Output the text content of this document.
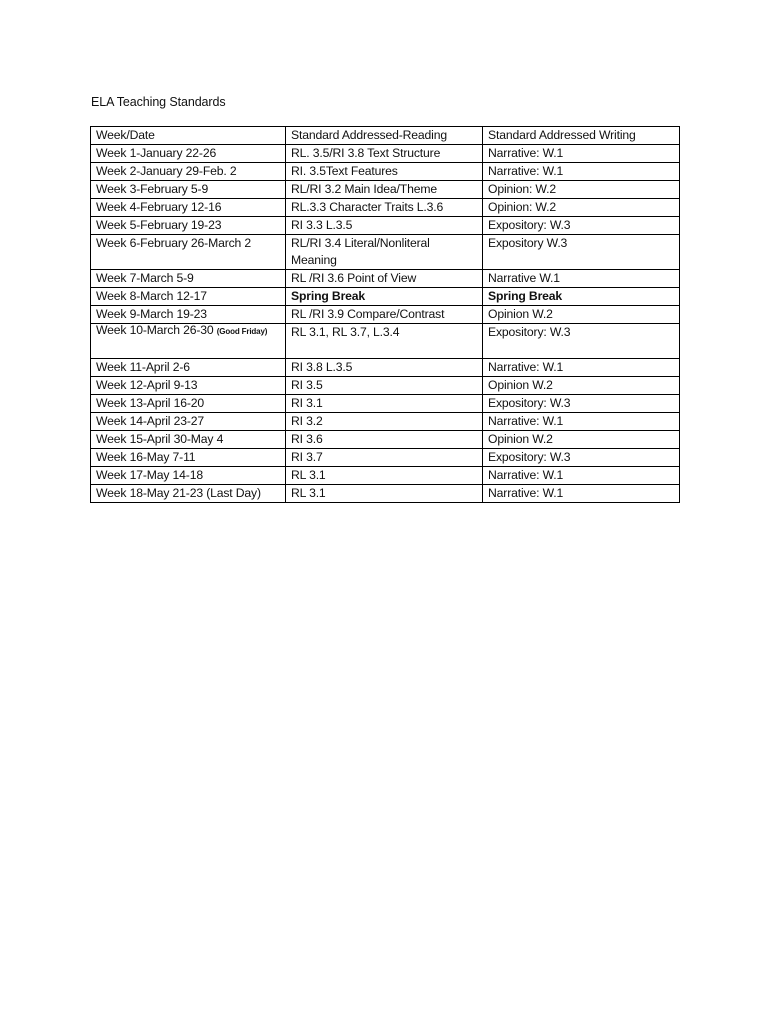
ELA Teaching Standards
Week/Date	Standard Addressed-Reading	Standard Addressed Writing
Week 1-January 22-26	RL. 3.5/RI 3.8 Text Structure	Narrative: W.1
Week 2-January 29-Feb. 2	RI. 3.5Text Features	Narrative: W.1
Week 3-February 5-9	RL/RI 3.2 Main Idea/Theme	Opinion: W.2
Week 4-February 12-16	RL.3.3 Character Traits L.3.6	Opinion: W.2
Week 5-February 19-23	RI 3.3 L.3.5	Expository: W.3
Week 6-February 26-March 2	RL/RI 3.4 Literal/Nonliteral Meaning	Expository W.3
Week 7-March 5-9	RL /RI 3.6 Point of View	Narrative W.1
Week 8-March 12-17	Spring Break	Spring Break
Week 9-March 19-23	RL /RI 3.9 Compare/Contrast	Opinion W.2

Week 10-March 26-30 (Good Friday)	RL 3.1, RL 3.7, L.3.4	Expository: W.3
Week 11-April 2-6	RI 3.8 L.3.5	Narrative: W.1
Week 12-April 9-13	RI 3.5	Opinion W.2
Week 13-April 16-20	RI 3.1	Expository: W.3
Week 14-April 23-27	RI 3.2	Narrative: W.1
Week 15-April 30-May 4	RI 3.6	Opinion W.2
Week 16-May 7-11	RI 3.7	Expository: W.3
Week 17-May 14-18	RL 3.1	Narrative: W.1
Week 18-May 21-23 (Last Day)	RL 3.1	Narrative: W.1
